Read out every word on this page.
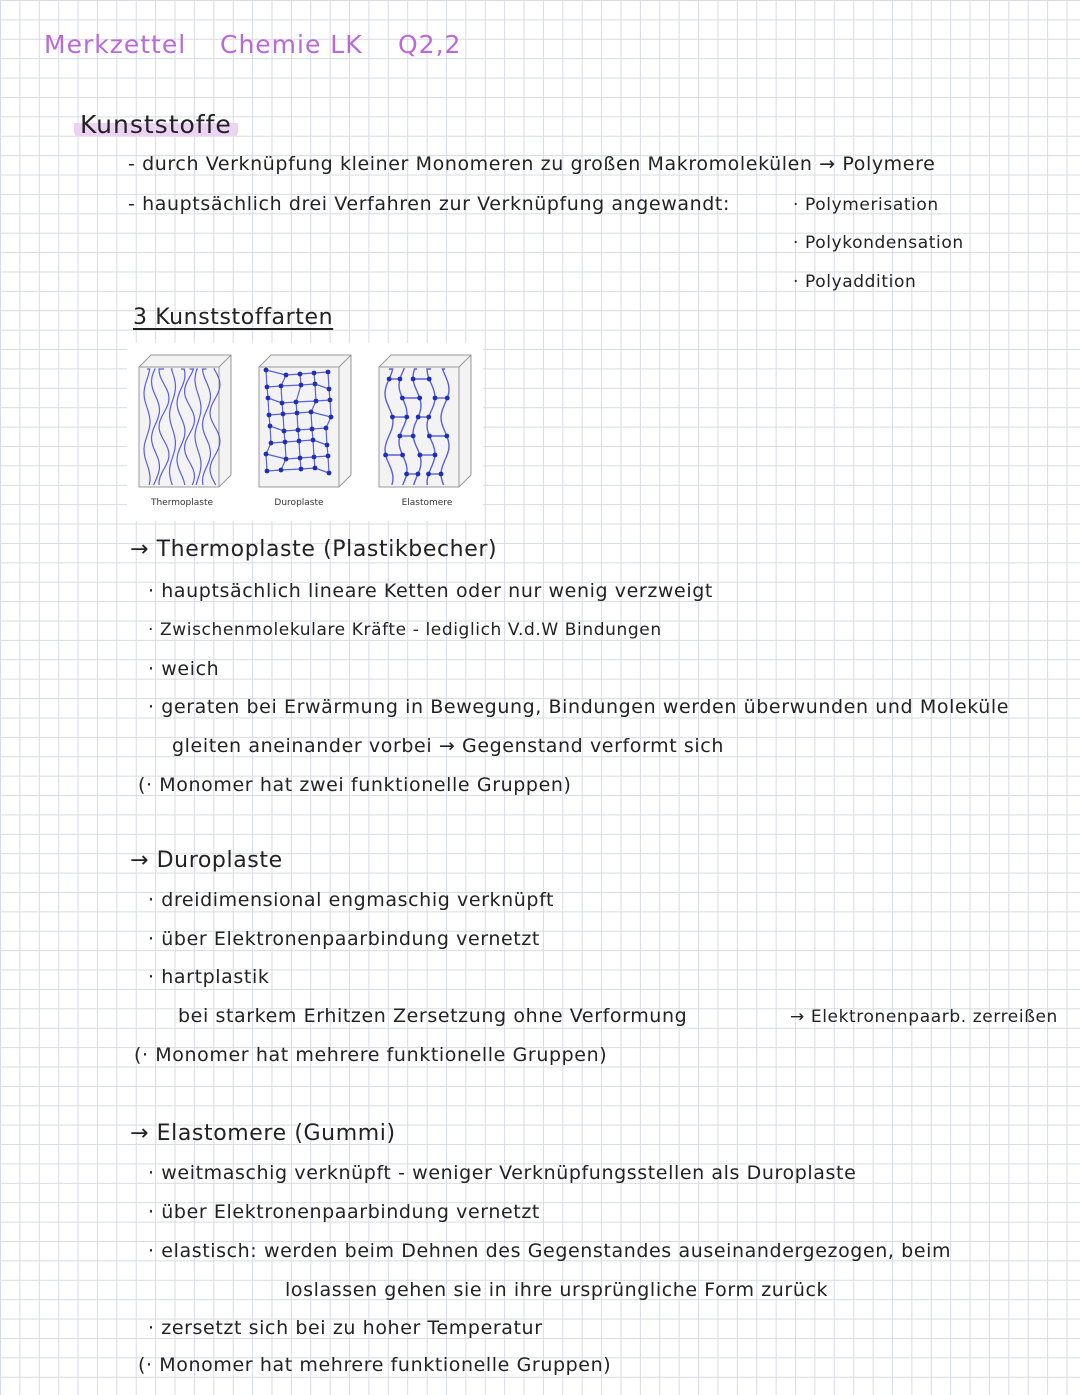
Merkzettel Chemie LK Q2,2
Kunststoffe
- durch Verknüpfung kleiner Monomeren zu großen Makromolekülen → Polymere
- hauptsächlich drei Verfahren zur Verknüpfung angewandt:	· Polymerisation
· Polykondensation
· Polyaddition
3 Kunststoffarten
Thermoplaste	Duroplaste	Elastomere
→ Thermoplaste (Plastikbecher)
· hauptsächlich lineare Ketten oder nur wenig verzweigt
· Zwischenmolekulare Kräfte - lediglich V.d.W Bindungen
· weich
· geraten bei Erwärmung in Bewegung, Bindungen werden überwunden und Moleküle
gleiten aneinander vorbei → Gegenstand verformt sich
(· Monomer hat zwei funktionelle Gruppen)
→ Duroplaste
· dreidimensional engmaschig verknüpft
· über Elektronenpaarbindung vernetzt
· hartplastik
bei starkem Erhitzen Zersetzung ohne Verformung	→ Elektronenpaarb. zerreißen
(· Monomer hat mehrere funktionelle Gruppen)
→ Elastomere (Gummi)
· weitmaschig verknüpft - weniger Verknüpfungsstellen als Duroplaste
· über Elektronenpaarbindung vernetzt
· elastisch: werden beim Dehnen des Gegenstandes auseinandergezogen, beim
loslassen gehen sie in ihre ursprüngliche Form zurück
· zersetzt sich bei zu hoher Temperatur
(· Monomer hat mehrere funktionelle Gruppen)
